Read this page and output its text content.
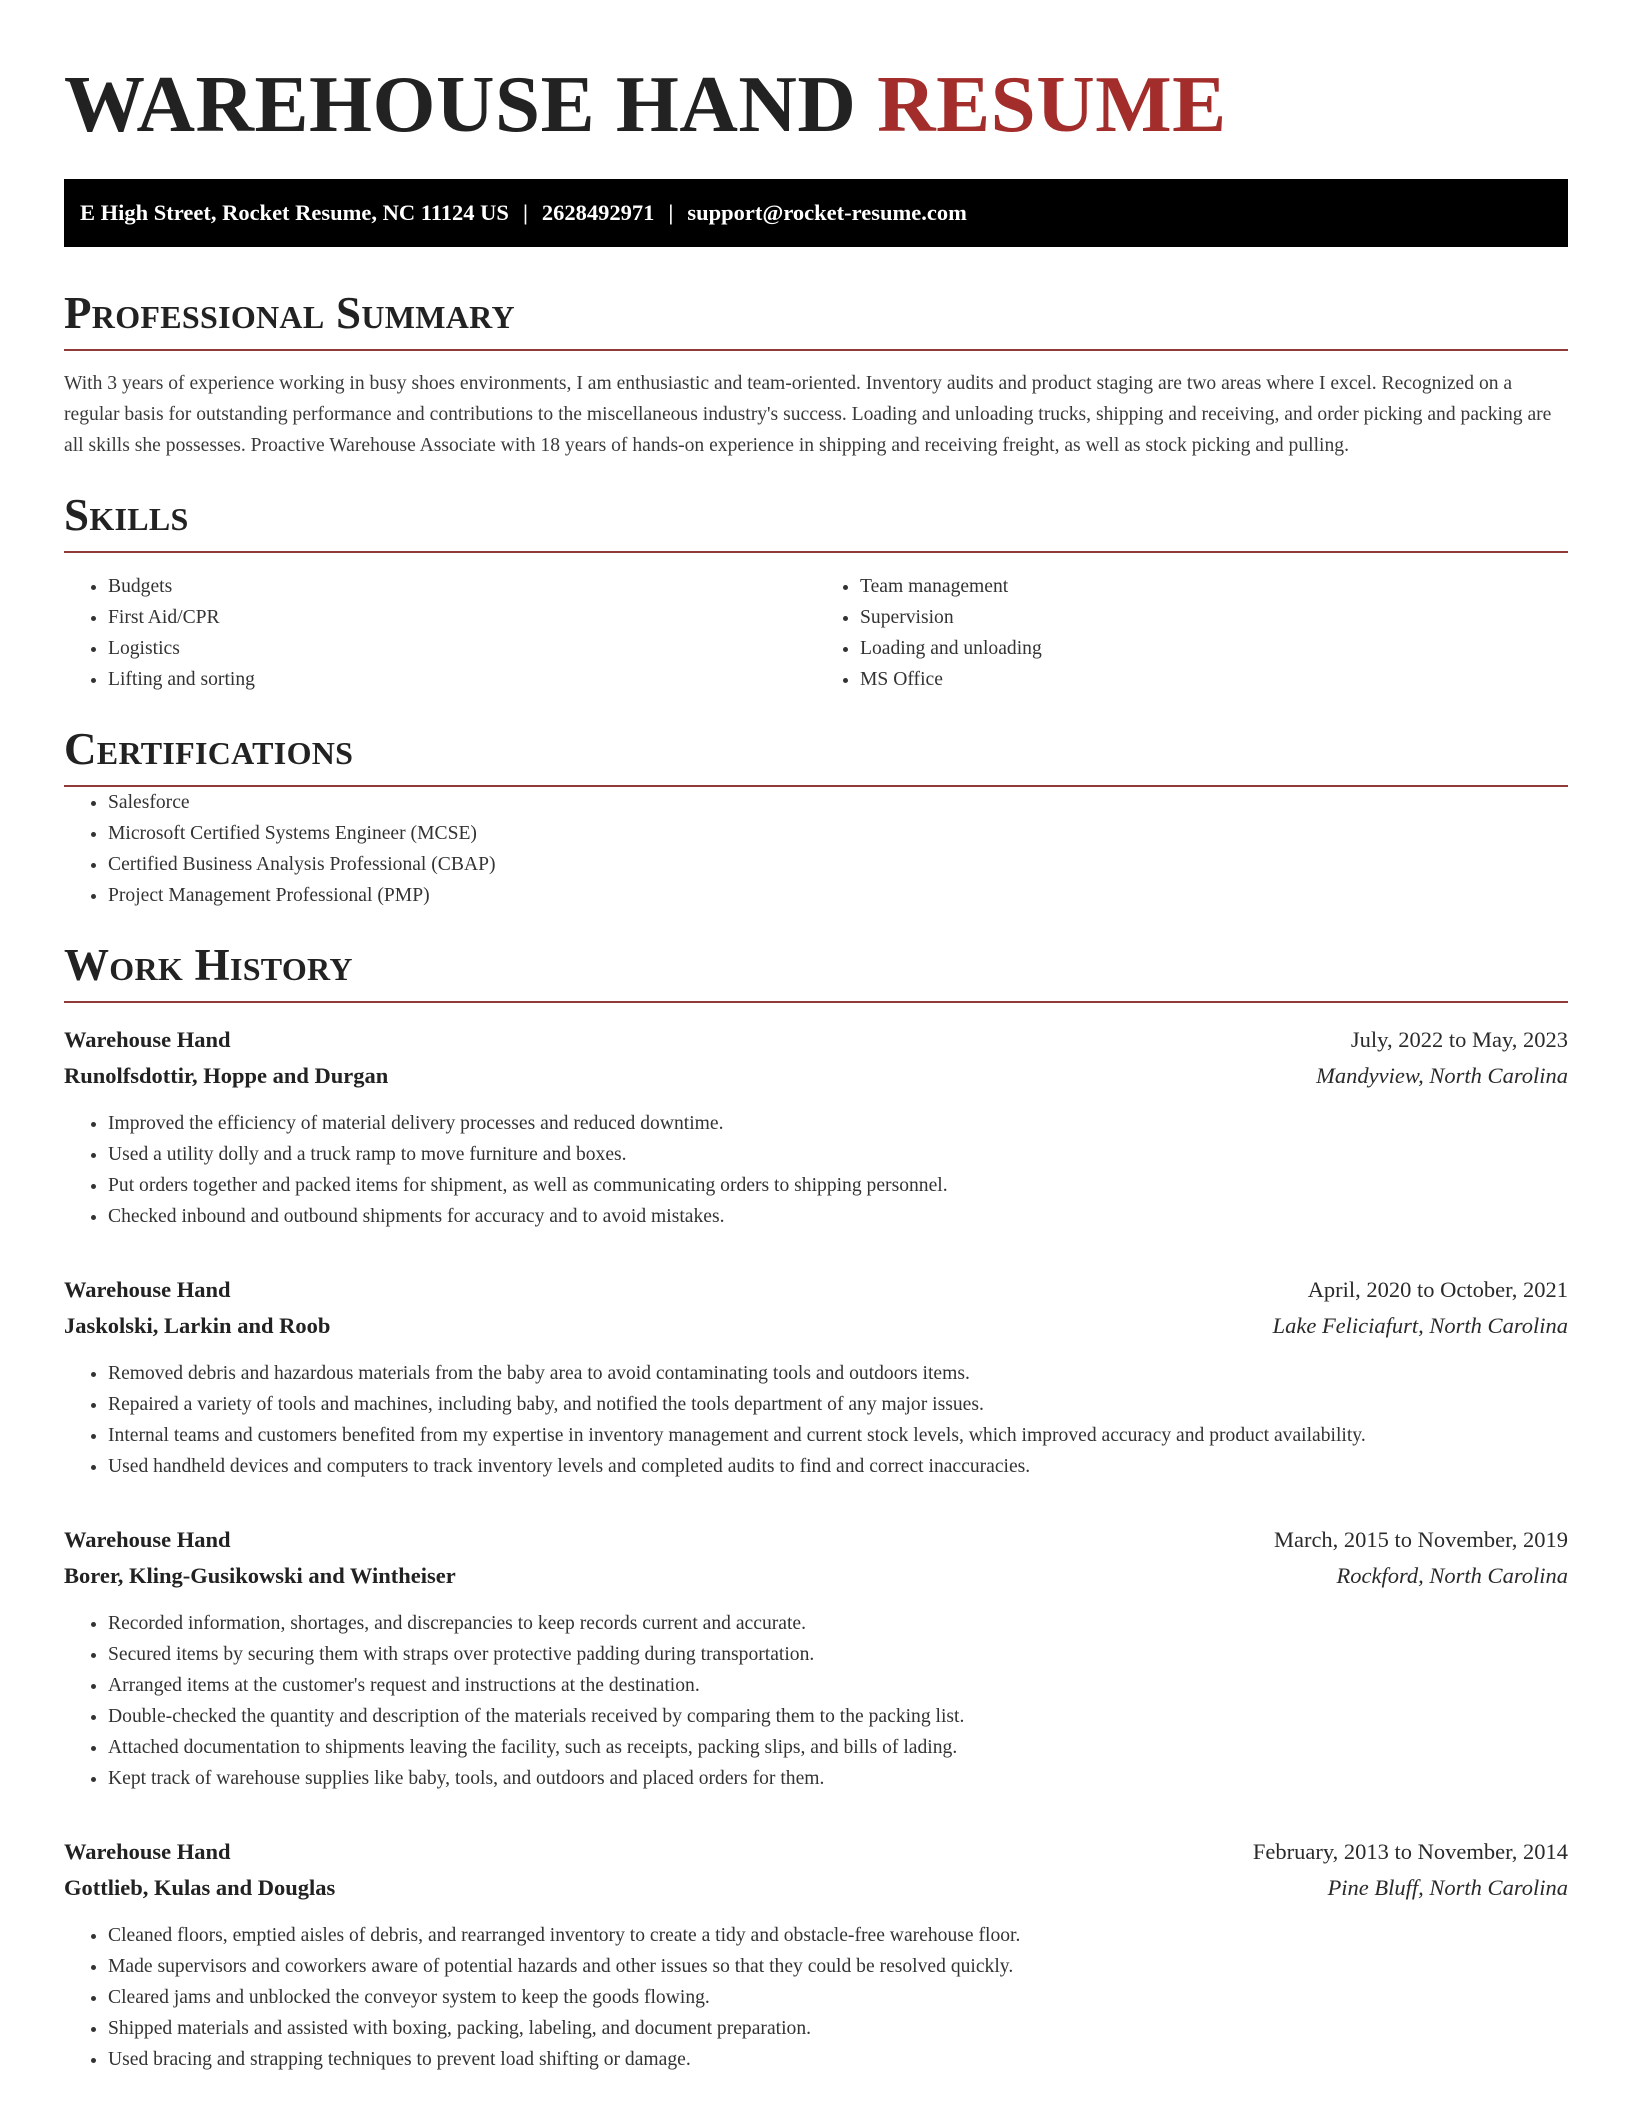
WAREHOUSE HAND RESUME
E High Street, Rocket Resume, NC 11124 US | 2628492971 | support@rocket-resume.com
Professional Summary

With 3 years of experience working in busy shoes environments, I am enthusiastic and team-oriented. Inventory audits and product staging are two areas where I excel. Recognized on a regular basis for outstanding performance and contributions to the miscellaneous industry's success. Loading and unloading trucks, shipping and receiving, and order picking and packing are all skills she possesses. Proactive Warehouse Associate with 18 years of hands-on experience in shipping and receiving freight, as well as stock picking and pulling.

Skills
• Budgets
• First Aid/CPR
• Logistics
• Lifting and sorting
• Team management
• Supervision
• Loading and unloading
• MS Office
Certifications
• Salesforce
• Microsoft Certified Systems Engineer (MCSE)
• Certified Business Analysis Professional (CBAP)
• Project Management Professional (PMP)
Work History
Warehouse Hand	July, 2022 to May, 2023
Runolfsdottir, Hoppe and Durgan	Mandyview, North Carolina
• Improved the efficiency of material delivery processes and reduced downtime.
• Used a utility dolly and a truck ramp to move furniture and boxes.
• Put orders together and packed items for shipment, as well as communicating orders to shipping personnel.
• Checked inbound and outbound shipments for accuracy and to avoid mistakes.
Warehouse Hand	April, 2020 to October, 2021
Jaskolski, Larkin and Roob	Lake Feliciafurt, North Carolina
• Removed debris and hazardous materials from the baby area to avoid contaminating tools and outdoors items.
• Repaired a variety of tools and machines, including baby, and notified the tools department of any major issues.
• Internal teams and customers benefited from my expertise in inventory management and current stock levels, which improved accuracy and product availability.
• Used handheld devices and computers to track inventory levels and completed audits to find and correct inaccuracies.
Warehouse Hand	March, 2015 to November, 2019
Borer, Kling-Gusikowski and Wintheiser	Rockford, North Carolina
• Recorded information, shortages, and discrepancies to keep records current and accurate.
• Secured items by securing them with straps over protective padding during transportation.
• Arranged items at the customer's request and instructions at the destination.
• Double-checked the quantity and description of the materials received by comparing them to the packing list.
• Attached documentation to shipments leaving the facility, such as receipts, packing slips, and bills of lading.
• Kept track of warehouse supplies like baby, tools, and outdoors and placed orders for them.
Warehouse Hand	February, 2013 to November, 2014
Gottlieb, Kulas and Douglas	Pine Bluff, North Carolina
• Cleaned floors, emptied aisles of debris, and rearranged inventory to create a tidy and obstacle-free warehouse floor.
• Made supervisors and coworkers aware of potential hazards and other issues so that they could be resolved quickly.
• Cleared jams and unblocked the conveyor system to keep the goods flowing.
• Shipped materials and assisted with boxing, packing, labeling, and document preparation.
• Used bracing and strapping techniques to prevent load shifting or damage.
